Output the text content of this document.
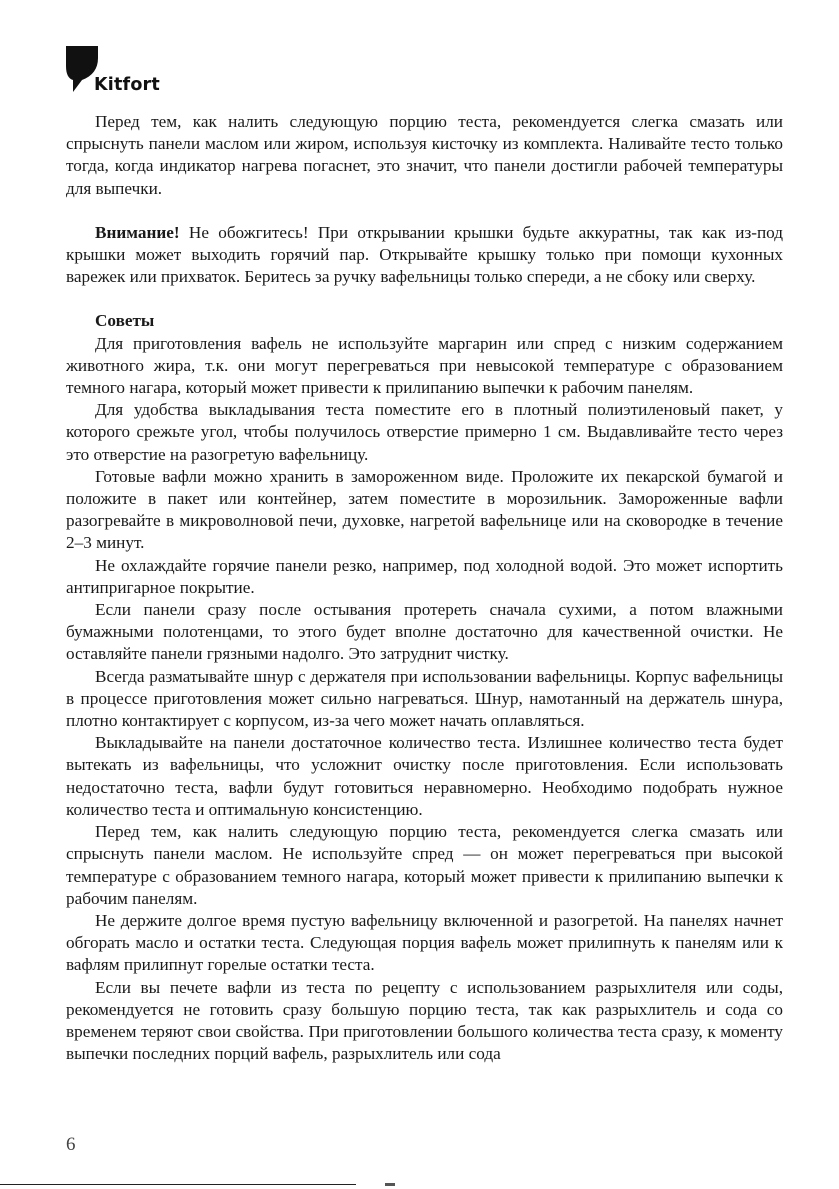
Kitfort

Перед тем, как налить следующую порцию теста, рекомендуется слегка смазать или спрыснуть панели маслом или жиром, используя кисточку из комплекта. Наливайте тесто только тогда, когда индикатор нагрева погаснет, это значит, что панели достигли рабочей температуры для выпечки.

Внимание! Не обожгитесь! При открывании крышки будьте аккуратны, так как из-под крышки может выходить горячий пар. Открывайте крышку только при помощи кухонных варежек или прихваток. Беритесь за ручку вафельницы только спереди, а не сбоку или сверху.

Советы

Для приготовления вафель не используйте маргарин или спред с низким содержанием животного жира, т.к. они могут перегреваться при невысокой температуре с образованием темного нагара, который может привести к прилипанию выпечки к рабочим панелям.

Для удобства выкладывания теста поместите его в плотный полиэтиленовый пакет, у которого срежьте угол, чтобы получилось отверстие примерно 1 см. Выдавливайте тесто через это отверстие на разогретую вафельницу.

Готовые вафли можно хранить в замороженном виде. Проложите их пекарской бумагой и положите в пакет или контейнер, затем поместите в морозильник. Замороженные вафли разогревайте в микроволновой печи, духовке, нагретой вафельнице или на сковородке в течение 2–3 минут.

Не охлаждайте горячие панели резко, например, под холодной водой. Это может испортить антипригарное покрытие.

Если панели сразу после остывания протереть сначала сухими, а потом влажными бумажными полотенцами, то этого будет вполне достаточно для качественной очистки. Не оставляйте панели грязными надолго. Это затруднит чистку.

Всегда разматывайте шнур с держателя при использовании вафельницы. Корпус вафельницы в процессе приготовления может сильно нагреваться. Шнур, намотанный на держатель шнура, плотно контактирует с корпусом, из-за чего может начать оплавляться.

Выкладывайте на панели достаточное количество теста. Излишнее количество теста будет вытекать из вафельницы, что усложнит очистку после приготовления. Если использовать недостаточно теста, вафли будут готовиться неравномерно. Необходимо подобрать нужное количество теста и оптимальную консистенцию.

Перед тем, как налить следующую порцию теста, рекомендуется слегка смазать или спрыснуть панели маслом. Не используйте спред — он может перегреваться при высокой температуре с образованием темного нагара, который может привести к прилипанию выпечки к рабочим панелям.

Не держите долгое время пустую вафельницу включенной и разогретой. На панелях начнет обгорать масло и остатки теста. Следующая порция вафель может прилипнуть к панелям или к вафлям прилипнут горелые остатки теста.

Если вы печете вафли из теста по рецепту с использованием разрыхлителя или соды, рекомендуется не готовить сразу большую порцию теста, так как разрыхлитель и сода со временем теряют свои свойства. При приготовлении большого количества теста сразу, к моменту выпечки последних порций вафель, разрыхлитель или сода

6
